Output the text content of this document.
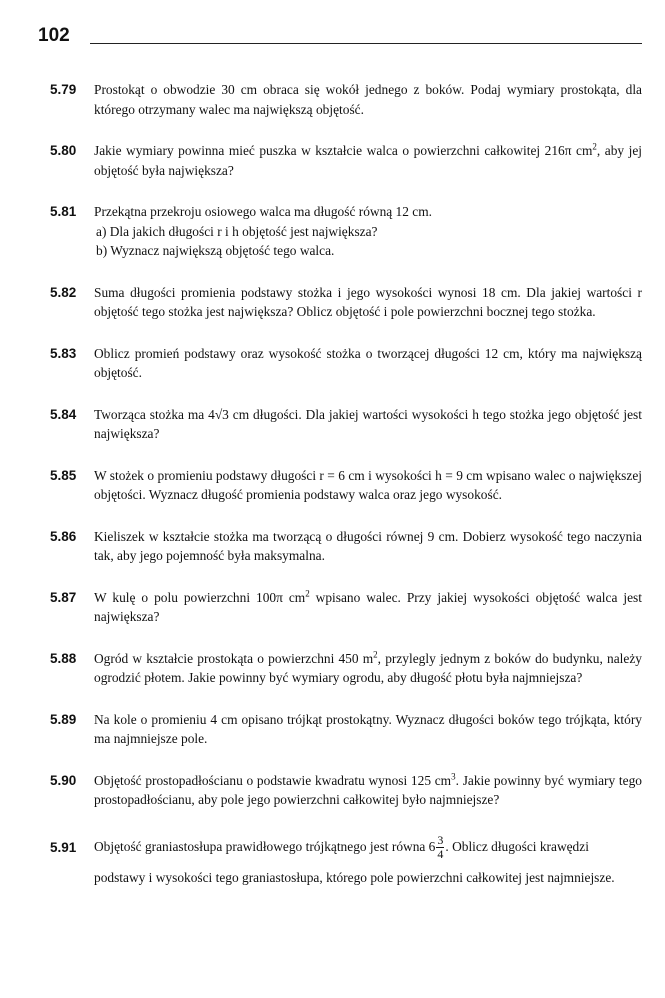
102
5.79 Prostokąt o obwodzie 30 cm obraca się wokół jednego z boków. Podaj wymiary prostokąta, dla którego otrzymany walec ma największą objętość.
5.80 Jakie wymiary powinna mieć puszka w kształcie walca o powierzchni całkowitej 216π $cm^2$, aby jej objętość była największa?
5.81 Przekątna przekroju osiowego walca ma długość równą 12 cm.
a) Dla jakich długości r i h objętość jest największa?
b) Wyznacz największą objętość tego walca.
5.82 Suma długości promienia podstawy stożka i jego wysokości wynosi 18 cm. Dla jakiej wartości r objętość tego stożka jest największa? Oblicz objętość i pole powierzchni bocznej tego stożka.
5.83 Oblicz promień podstawy oraz wysokość stożka o tworzącej długości 12 cm, który ma największą objętość.
5.84 Tworząca stożka ma 4√3 cm długości. Dla jakiej wartości wysokości h tego stożka jego objętość jest największa?
5.85 W stożek o promieniu podstawy długości r = 6 cm i wysokości h = 9 cm wpisano walec o największej objętości. Wyznacz długość promienia podstawy walca oraz jego wysokość.
5.86 Kieliszek w kształcie stożka ma tworzącą o długości równej 9 cm. Dobierz wysokość tego naczynia tak, aby jego pojemność była maksymalna.
5.87 W kulę o polu powierzchni 100π $cm^2$ wpisano walec. Przy jakiej wysokości objętość walca jest największa?
5.88 Ogród w kształcie prostokąta o powierzchni 450 $m^2$, przylegly jednym z boków do budynku, należy ogrodzić płotem. Jakie powinny być wymiary ogrodu, aby długość płotu była najmniejsza?
5.89 Na kole o promieniu 4 cm opisano trójkąt prostokątny. Wyznacz długości boków tego trójkąta, który ma najmniejsze pole.
5.90 Objętość prostopadłościanu o podstawie kwadratu wynosi 125 $cm^3$. Jakie powinny być wymiary tego prostopadłościanu, aby pole jego powierzchni całkowitej było najmniejsze?
5.91 Objętość graniastosłupa prawidłowego trójkątnego jest równa $6 \frac{3}{4}$ . Oblicz długości krawędzi
podstawy i wysokości tego graniastosłupa, którego pole powierzchni całkowitej jest najmniejsze.
